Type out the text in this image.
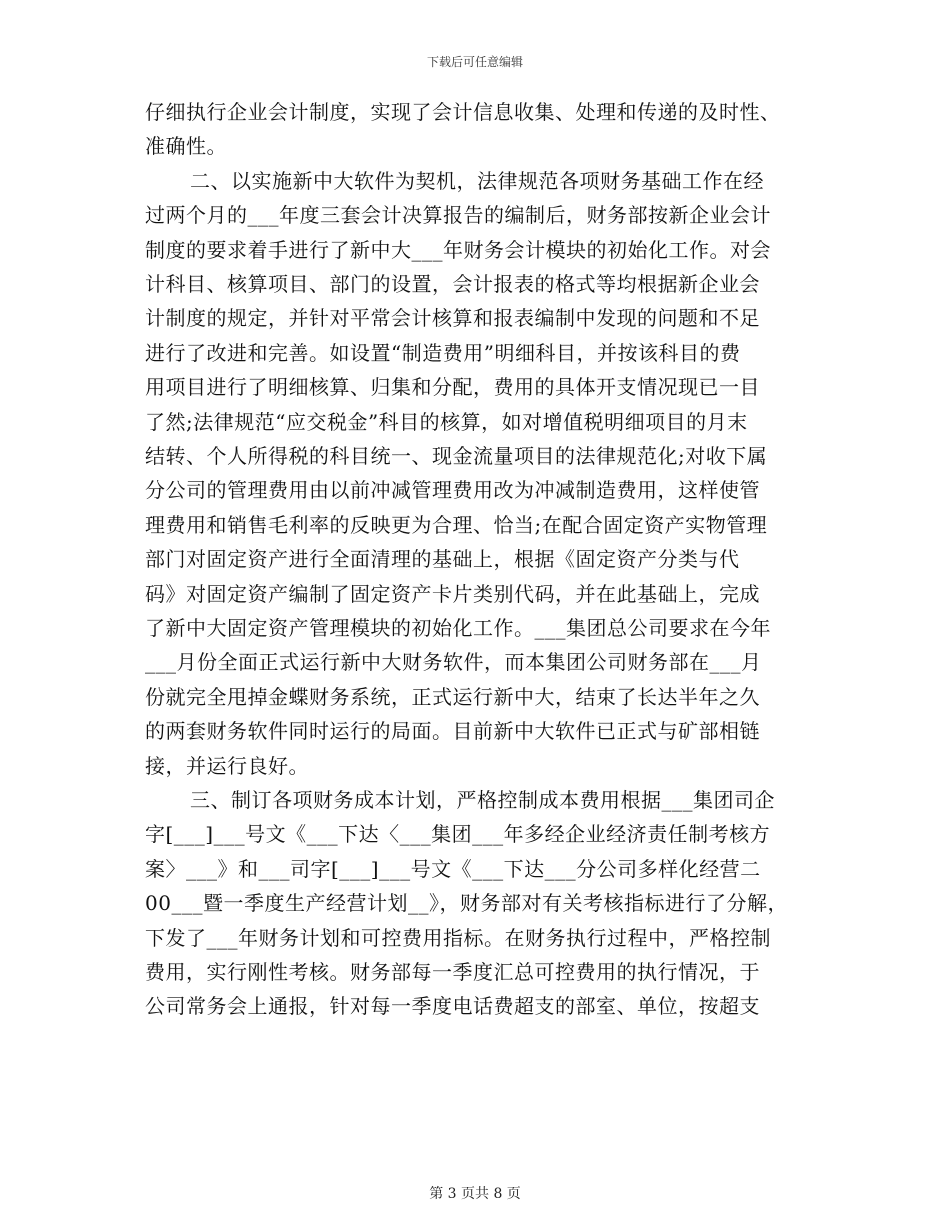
下载后可任意编辑
仔细执行企业会计制度，实现了会计信息收集、处理和传递的及时性、
准确性。
二、以实施新中大软件为契机，法律规范各项财务基础工作在经
过两个月的___年度三套会计决算报告的编制后，财务部按新企业会计
制度的要求着手进行了新中大___年财务会计模块的初始化工作。对会
计科目、核算项目、部门的设置，会计报表的格式等均根据新企业会
计制度的规定，并针对平常会计核算和报表编制中发现的问题和不足
进行了改进和完善。如设置“制造费用”明细科目，并按该科目的费
用项目进行了明细核算、归集和分配，费用的具体开支情况现已一目
了然;法律规范“应交税金”科目的核算，如对增值税明细项目的月末
结转、个人所得税的科目统一、现金流量项目的法律规范化;对收下属
分公司的管理费用由以前冲减管理费用改为冲减制造费用，这样使管
理费用和销售毛利率的反映更为合理、恰当;在配合固定资产实物管理
部门对固定资产进行全面清理的基础上，根据《固定资产分类与代
码》对固定资产编制了固定资产卡片类别代码，并在此基础上，完成
了新中大固定资产管理模块的初始化工作。___集团总公司要求在今年
___月份全面正式运行新中大财务软件，而本集团公司财务部在___月
份就完全甩掉金蝶财务系统，正式运行新中大，结束了长达半年之久
的两套财务软件同时运行的局面。目前新中大软件已正式与矿部相链
接，并运行良好。
三、制订各项财务成本计划，严格控制成本费用根据___集团司企
字[___]___号文《___下达〈___集团___年多经企业经济责任制考核方
案〉___》和___司字[___]___号文《___下达___分公司多样化经营二
00___暨一季度生产经营计划__》，财务部对有关考核指标进行了分解，
下发了___年财务计划和可控费用指标。在财务执行过程中，严格控制
费用，实行刚性考核。财务部每一季度汇总可控费用的执行情况，于
公司常务会上通报，针对每一季度电话费超支的部室、单位，按超支
第 3 页共 8 页
